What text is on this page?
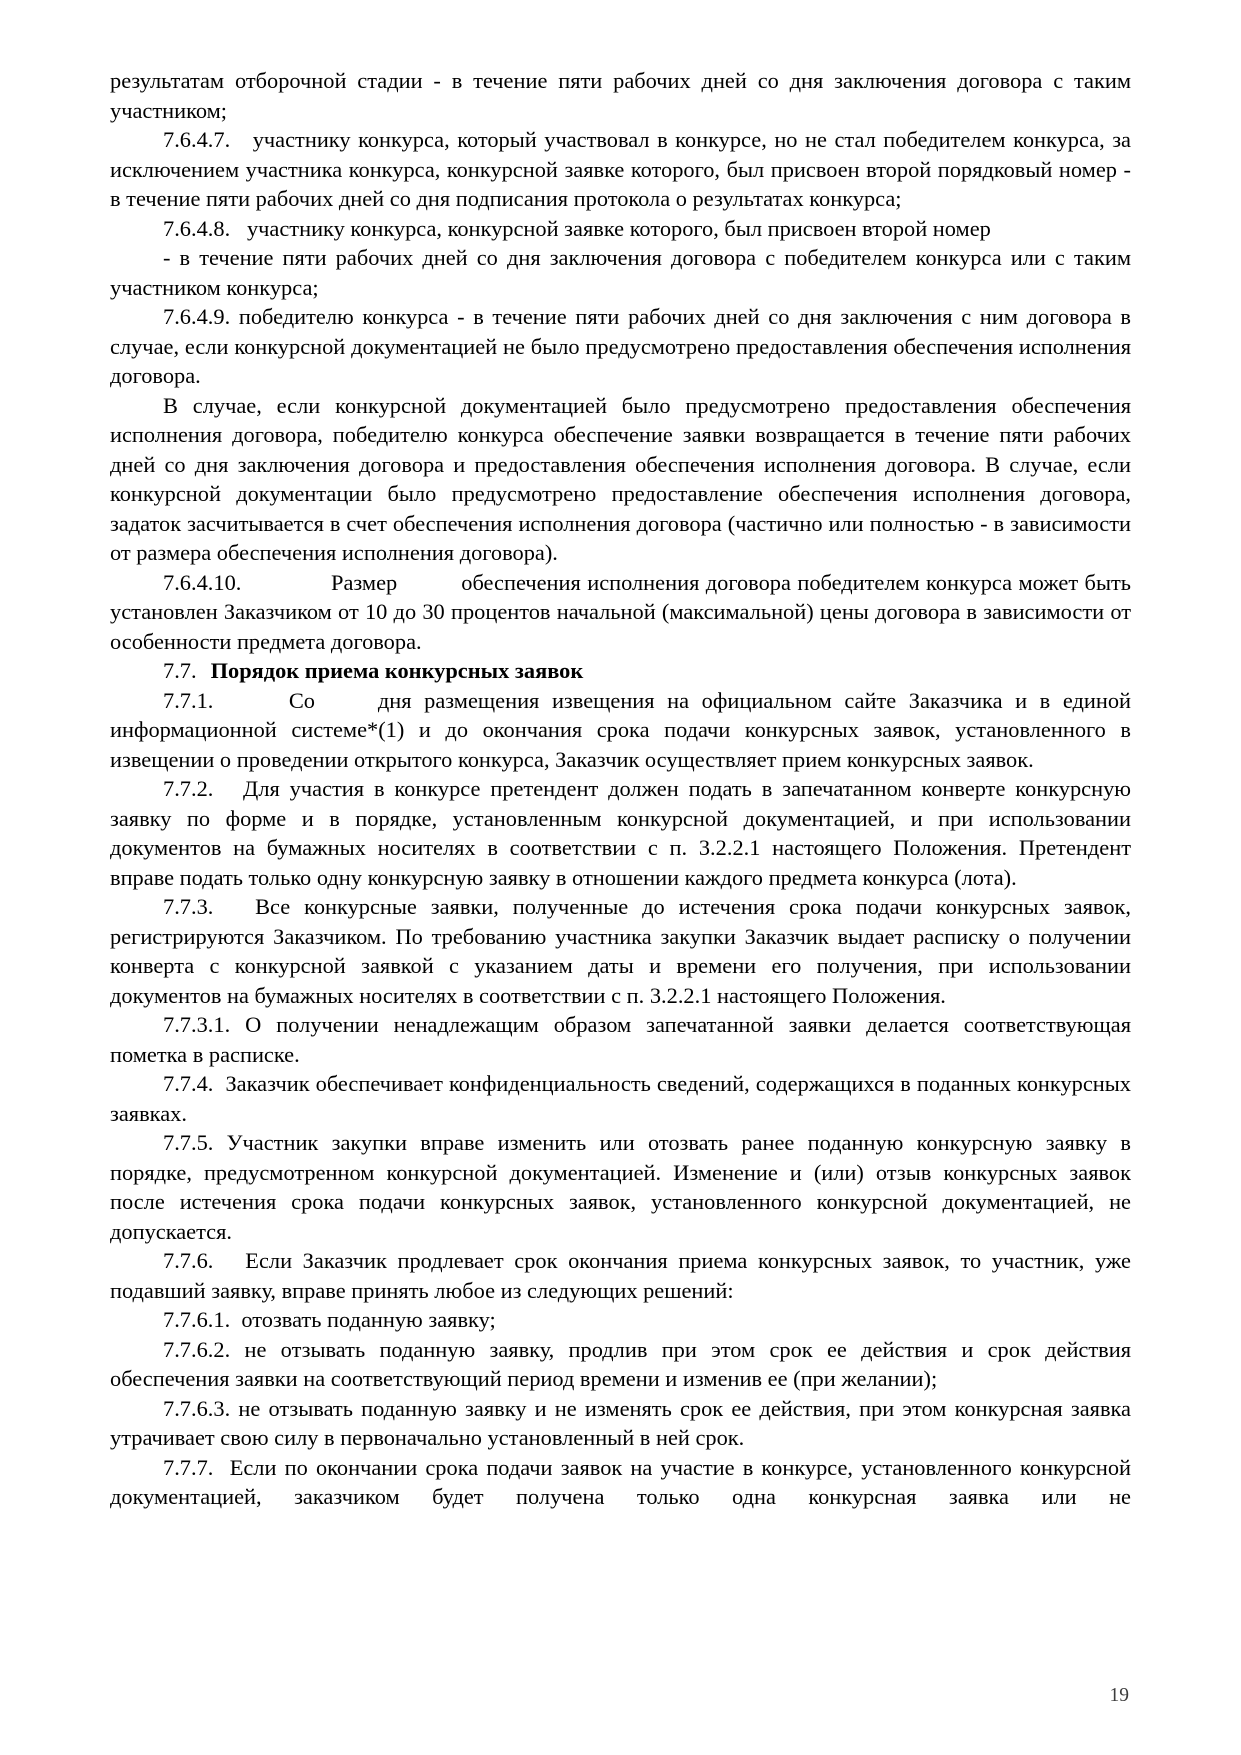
результатам отборочной стадии - в течение пяти рабочих дней со дня заключения договора с таким участником;

7.6.4.7.   участнику конкурса, который участвовал в конкурсе, но не стал победителем конкурса, за исключением участника конкурса, конкурсной заявке которого, был присвоен второй порядковый номер - в течение пяти рабочих дней со дня подписания протокола о результатах конкурса;

7.6.4.8.   участнику конкурса, конкурсной заявке которого, был присвоен второй номер

- в течение пяти рабочих дней со дня заключения договора с победителем конкурса или с таким участником конкурса;

7.6.4.9. победителю конкурса - в течение пяти рабочих дней со дня заключения с ним договора в случае, если конкурсной документацией не было предусмотрено предоставления обеспечения исполнения договора.

В случае, если конкурсной документацией было предусмотрено предоставления обеспечения исполнения договора, победителю конкурса обеспечение заявки возвращается в течение пяти рабочих дней со дня заключения договора и предоставления обеспечения исполнения договора. В случае, если конкурсной документации было предусмотрено предоставление обеспечения исполнения договора, задаток засчитывается в счет обеспечения исполнения договора (частично или полностью - в зависимости от размера обеспечения исполнения договора).

7.6.4.10.              Размер          обеспечения исполнения договора победителем конкурса может быть установлен Заказчиком от 10 до 30 процентов начальной (максимальной) цены договора в зависимости от особенности предмета договора.

7.7. Порядок приема конкурсных заявок

7.7.1.      Со     дня размещения извещения на официальном сайте Заказчика и в единой информационной системе*(1) и до окончания срока подачи конкурсных заявок, установленного в извещении о проведении открытого конкурса, Заказчик осуществляет прием конкурсных заявок.

7.7.2.   Для участия в конкурсе претендент должен подать в запечатанном конверте конкурсную заявку по форме и в порядке, установленным конкурсной документацией, и при использовании документов на бумажных носителях в соответствии с п. 3.2.2.1 настоящего Положения. Претендент вправе подать только одну конкурсную заявку в отношении каждого предмета конкурса (лота).

7.7.3.   Все конкурсные заявки, полученные до истечения срока подачи конкурсных заявок, регистрируются Заказчиком. По требованию участника закупки Заказчик выдает расписку о получении конверта с конкурсной заявкой с указанием даты и времени его получения, при использовании документов на бумажных носителях в соответствии с п. 3.2.2.1 настоящего Положения.

7.7.3.1. О получении ненадлежащим образом запечатанной заявки делается соответствующая пометка в расписке.

7.7.4.  Заказчик обеспечивает конфиденциальность сведений, содержащихся в поданных конкурсных заявках.

7.7.5. Участник закупки вправе изменить или отозвать ранее поданную конкурсную заявку в порядке, предусмотренном конкурсной документацией. Изменение и (или) отзыв конкурсных заявок после истечения срока подачи конкурсных заявок, установленного конкурсной документацией, не допускается.

7.7.6.   Если Заказчик продлевает срок окончания приема конкурсных заявок, то участник, уже подавший заявку, вправе принять любое из следующих решений:

7.7.6.1.  отозвать поданную заявку;

7.7.6.2. не отзывать поданную заявку, продлив при этом срок ее действия и срок действия обеспечения заявки на соответствующий период времени и изменив ее (при желании);

7.7.6.3. не отзывать поданную заявку и не изменять срок ее действия, при этом конкурсная заявка утрачивает свою силу в первоначально установленный в ней срок.

7.7.7.  Если по окончании срока подачи заявок на участие в конкурсе, установленного конкурсной документацией, заказчиком будет получена только одна конкурсная заявка или не

19
